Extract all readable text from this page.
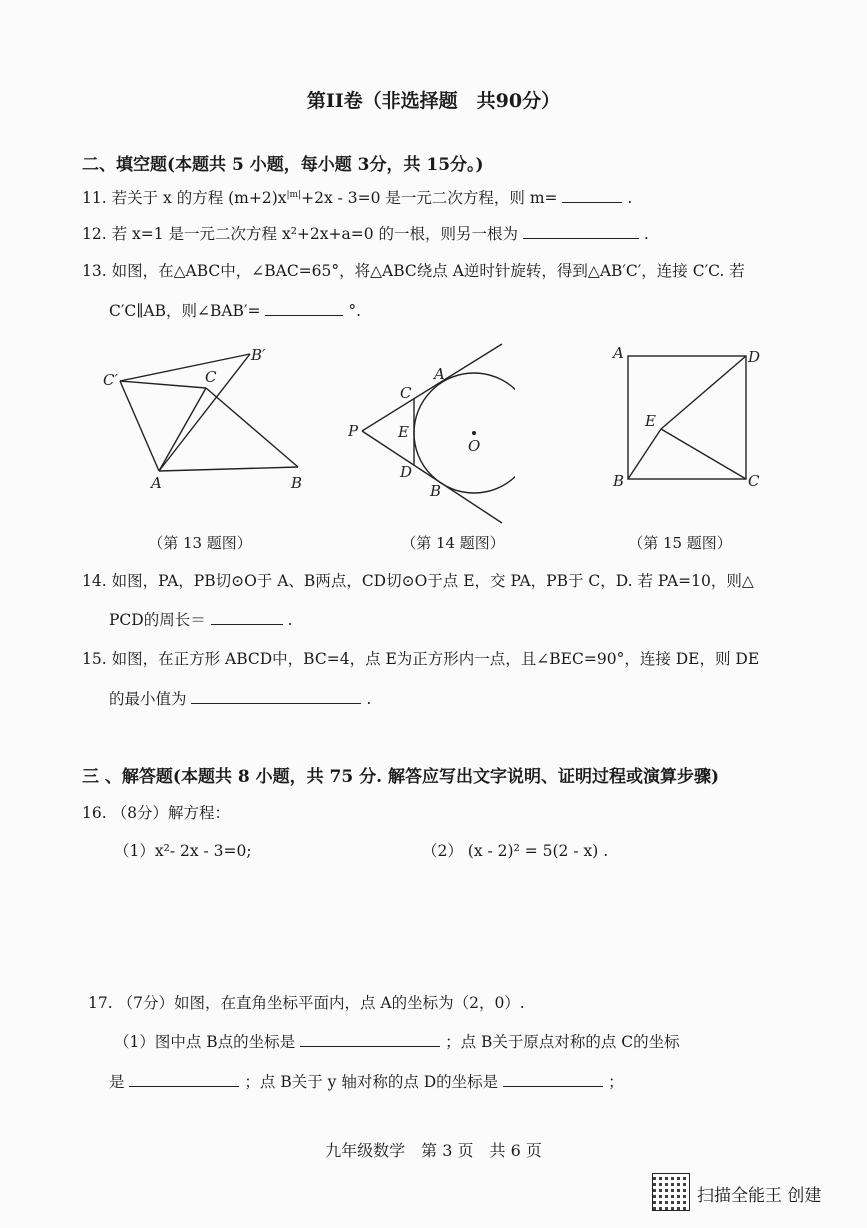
第II卷（非选择题　共90分）
二、填空题(本题共 5 小题，每小题 3分，共 15分。)
11. 若关于 x 的方程 $(m+2)x^{|m|}+2x - 3=0$ 是一元二次方程，则 m=	.
12. 若 x=1 是一元二次方程 x²+2x+a=0 的一根，则另一根为	.
13. 如图，在△ABC中，∠BAC=65°，将△ABC绕点 A逆时针旋转，得到△AB′C′，连接 C′C. 若
C′C∥AB，则∠BAB′=	°.
C′
B′
C
A	B
（第 13 题图）
P
C
A
E
O
D
B
（第 14 题图）
A	D
E
B	C
（第 15 题图）
14. 如图，PA，PB切⊙O于 A、B两点，CD切⊙O于点 E，交 PA，PB于 C，D. 若 PA=10，则△
PCD的周长＝	.
15. 如图，在正方形 ABCD中，BC=4，点 E为正方形内一点，且∠BEC=90°，连接 DE，则 DE
的最小值为	.
三 、解答题(本题共 8 小题，共 75 分. 解答应写出文字说明、证明过程或演算步骤)
16. （8分）解方程：
（1）x²- 2x - 3=0;	（2） (x - 2)² = 5(2 - x) .
17. （7分）如图，在直角坐标平面内，点 A的坐标为（2，0）.
（1）图中点 B点的坐标是	；点 B关于原点对称的点 C的坐标
是	；点 B关于 y 轴对称的点 D的坐标是	；
九年级数学　第 3 页　共 6 页
扫描全能王 创建
